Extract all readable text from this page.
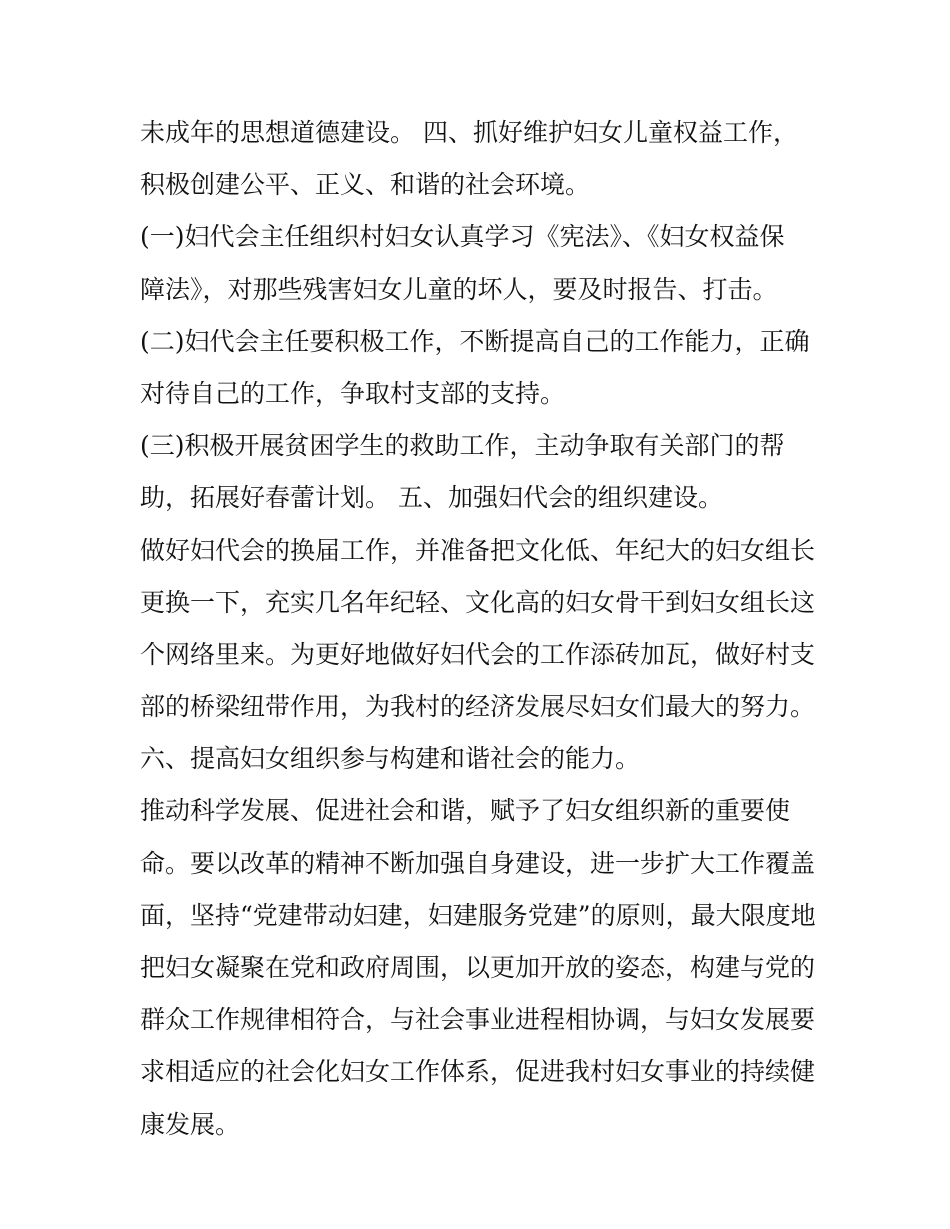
未成年的思想道德建设。 四、抓好维护妇女儿童权益工作，
积极创建公平、正义、和谐的社会环境。
(一)妇代会主任组织村妇女认真学习《宪法》、《妇女权益保
障法》，对那些残害妇女儿童的坏人，要及时报告、打击。
(二)妇代会主任要积极工作，不断提高自己的工作能力，正确
对待自己的工作，争取村支部的支持。
(三)积极开展贫困学生的救助工作，主动争取有关部门的帮
助，拓展好春蕾计划。 五、加强妇代会的组织建设。
做好妇代会的换届工作，并准备把文化低、年纪大的妇女组长
更换一下，充实几名年纪轻、文化高的妇女骨干到妇女组长这
个网络里来。为更好地做好妇代会的工作添砖加瓦，做好村支
部的桥梁纽带作用，为我村的经济发展尽妇女们最大的努力。
六、提高妇女组织参与构建和谐社会的能力。
推动科学发展、促进社会和谐，赋予了妇女组织新的重要使
命。要以改革的精神不断加强自身建设，进一步扩大工作覆盖
面，坚持“党建带动妇建，妇建服务党建”的原则，最大限度地
把妇女凝聚在党和政府周围，以更加开放的姿态，构建与党的
群众工作规律相符合，与社会事业进程相协调，与妇女发展要
求相适应的社会化妇女工作体系，促进我村妇女事业的持续健
康发展。
